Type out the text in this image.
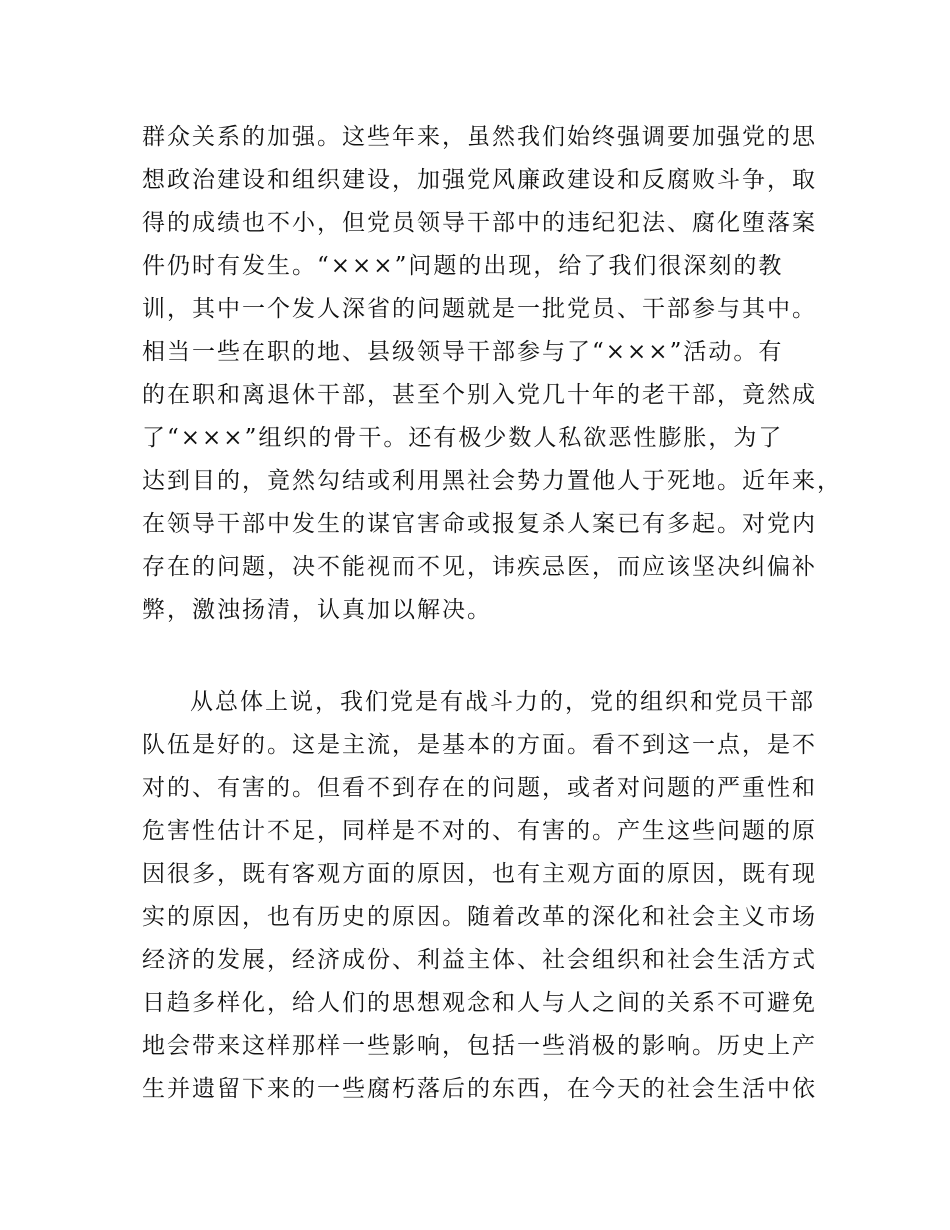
群众关系的加强。这些年来，虽然我们始终强调要加强党的思
想政治建设和组织建设，加强党风廉政建设和反腐败斗争，取
得的成绩也不小，但党员领导干部中的违纪犯法、腐化堕落案
件仍时有发生。“×××”问题的出现，给了我们很深刻的教
训，其中一个发人深省的问题就是一批党员、干部参与其中。
相当一些在职的地、县级领导干部参与了“×××”活动。有
的在职和离退休干部，甚至个别入党几十年的老干部，竟然成
了“×××”组织的骨干。还有极少数人私欲恶性膨胀，为了
达到目的，竟然勾结或利用黑社会势力置他人于死地。近年来，
在领导干部中发生的谋官害命或报复杀人案已有多起。对党内
存在的问题，决不能视而不见，讳疾忌医，而应该坚决纠偏补
弊，激浊扬清，认真加以解决。
从总体上说，我们党是有战斗力的，党的组织和党员干部
队伍是好的。这是主流，是基本的方面。看不到这一点，是不
对的、有害的。但看不到存在的问题，或者对问题的严重性和
危害性估计不足，同样是不对的、有害的。产生这些问题的原
因很多，既有客观方面的原因，也有主观方面的原因，既有现
实的原因，也有历史的原因。随着改革的深化和社会主义市场
经济的发展，经济成份、利益主体、社会组织和社会生活方式
日趋多样化，给人们的思想观念和人与人之间的关系不可避免
地会带来这样那样一些影响，包括一些消极的影响。历史上产
生并遗留下来的一些腐朽落后的东西，在今天的社会生活中依
